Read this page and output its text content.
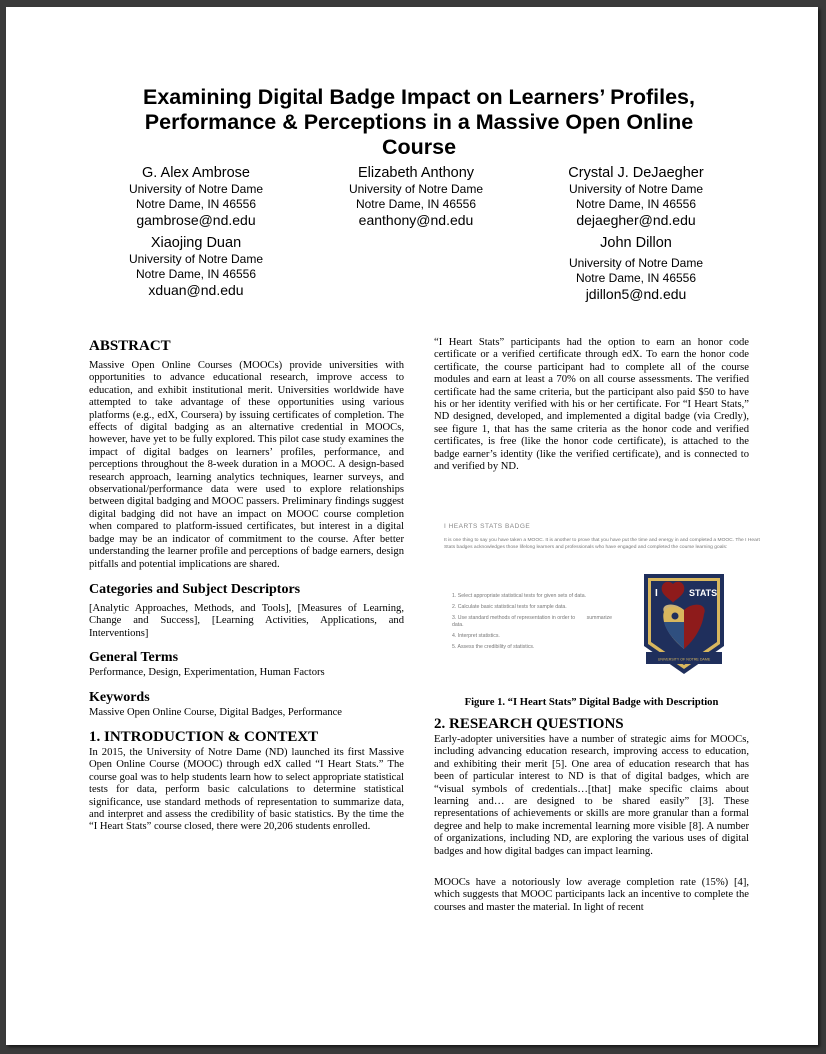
Examining Digital Badge Impact on Learners’ Profiles,
Performance & Perceptions in a Massive Open Online
Course
G. Alex Ambrose
University of Notre Dame
Notre Dame, IN 46556
gambrose@nd.edu
Elizabeth Anthony
University of Notre Dame
Notre Dame, IN 46556
eanthony@nd.edu
Crystal J. DeJaegher
University of Notre Dame
Notre Dame, IN 46556
dejaegher@nd.edu
Xiaojing Duan
University of Notre Dame
Notre Dame, IN 46556
xduan@nd.edu
John Dillon
University of Notre Dame
Notre Dame, IN 46556
jdillon5@nd.edu
ABSTRACT

Massive Open Online Courses (MOOCs) provide universities with opportunities to advance educational research, improve access to education, and exhibit institutional merit. Universities worldwide have attempted to take advantage of these opportunities using various platforms (e.g., edX, Coursera) by issuing certificates of completion. The effects of digital badging as an alternative credential in MOOCs, however, have yet to be fully explored. This pilot case study examines the impact of digital badges on learners’ profiles, performance, and perceptions throughout the 8-week duration in a MOOC. A design-based research approach, learning analytics techniques, learner surveys, and observational/performance data were used to explore relationships between digital badging and MOOC passers. Preliminary findings suggest digital badging did not have an impact on MOOC course completion when compared to platform-issued certificates, but interest in a digital badge may be an indicator of commitment to the course. After better understanding the learner profile and perceptions of badge earners, design pitfalls and potential implications are shared.

Categories and Subject Descriptors

[Analytic Approaches, Methods, and Tools], [Measures of Learning, Change and Success], [Learning Activities, Applications, and Interventions]

General Terms

Performance, Design, Experimentation, Human Factors

Keywords

Massive Open Online Course, Digital Badges, Performance

1. INTRODUCTION & CONTEXT

In 2015, the University of Notre Dame (ND) launched its first Massive Open Online Course (MOOC) through edX called “I Heart Stats.” The course goal was to help students learn how to select appropriate statistical tests for data, perform basic calculations to determine statistical significance, use standard methods of representation to summarize data, and interpret and assess the credibility of basic statistics. By the time the “I Heart Stats” course closed, there were 20,206 students enrolled.

“I Heart Stats” participants had the option to earn an honor code certificate or a verified certificate through edX. To earn the honor code certificate, the course participant had to complete all of the course modules and earn at least a 70% on all course assessments. The verified certificate had the same criteria, but the participant also paid $50 to have his or her identity verified with his or her certificate. For “I Heart Stats,” ND designed, developed, and implemented a digital badge (via Credly), see figure 1, that has the same criteria as the honor code and verified certificates, is free (like the honor code certificate), is attached to the badge earner’s identity (like the verified certificate), and is connected to and verified by ND.

I HEARTS STATS BADGE
It is one thing to say you have taken a MOOC. It is another to prove that you have put the time and energy in and completed a MOOC. The I Heart Stats badges acknowledges those lifelong learners and professionals who have engaged and completed the course learning goals:
1. Select appropriate statistical tests for given sets of data.
2. Calculate basic statistical tests for sample data.
3. Use standard methods of representation in order to        summarize data.
4. Interpret statistics.
5. Assess the credibility of statistics.
I	STATS
UNIVERSITY OF NOTRE DAME
Figure 1. “I Heart Stats” Digital Badge with Description
2. RESEARCH QUESTIONS

Early-adopter universities have a number of strategic aims for MOOCs, including advancing education research, improving access to education, and exhibiting their merit [5]. One area of education research that has been of particular interest to ND is that of digital badges, which are “visual symbols of credentials…[that] make specific claims about learning and… are designed to be shared easily” [3]. These representations of achievements or skills are more granular than a formal degree and help to make incremental learning more visible [8]. A number of organizations, including ND, are exploring the various uses of digital badges and how digital badges can impact learning.

MOOCs have a notoriously low average completion rate (15%) [4], which suggests that MOOC participants lack an incentive to complete the courses and master the material. In light of recent
